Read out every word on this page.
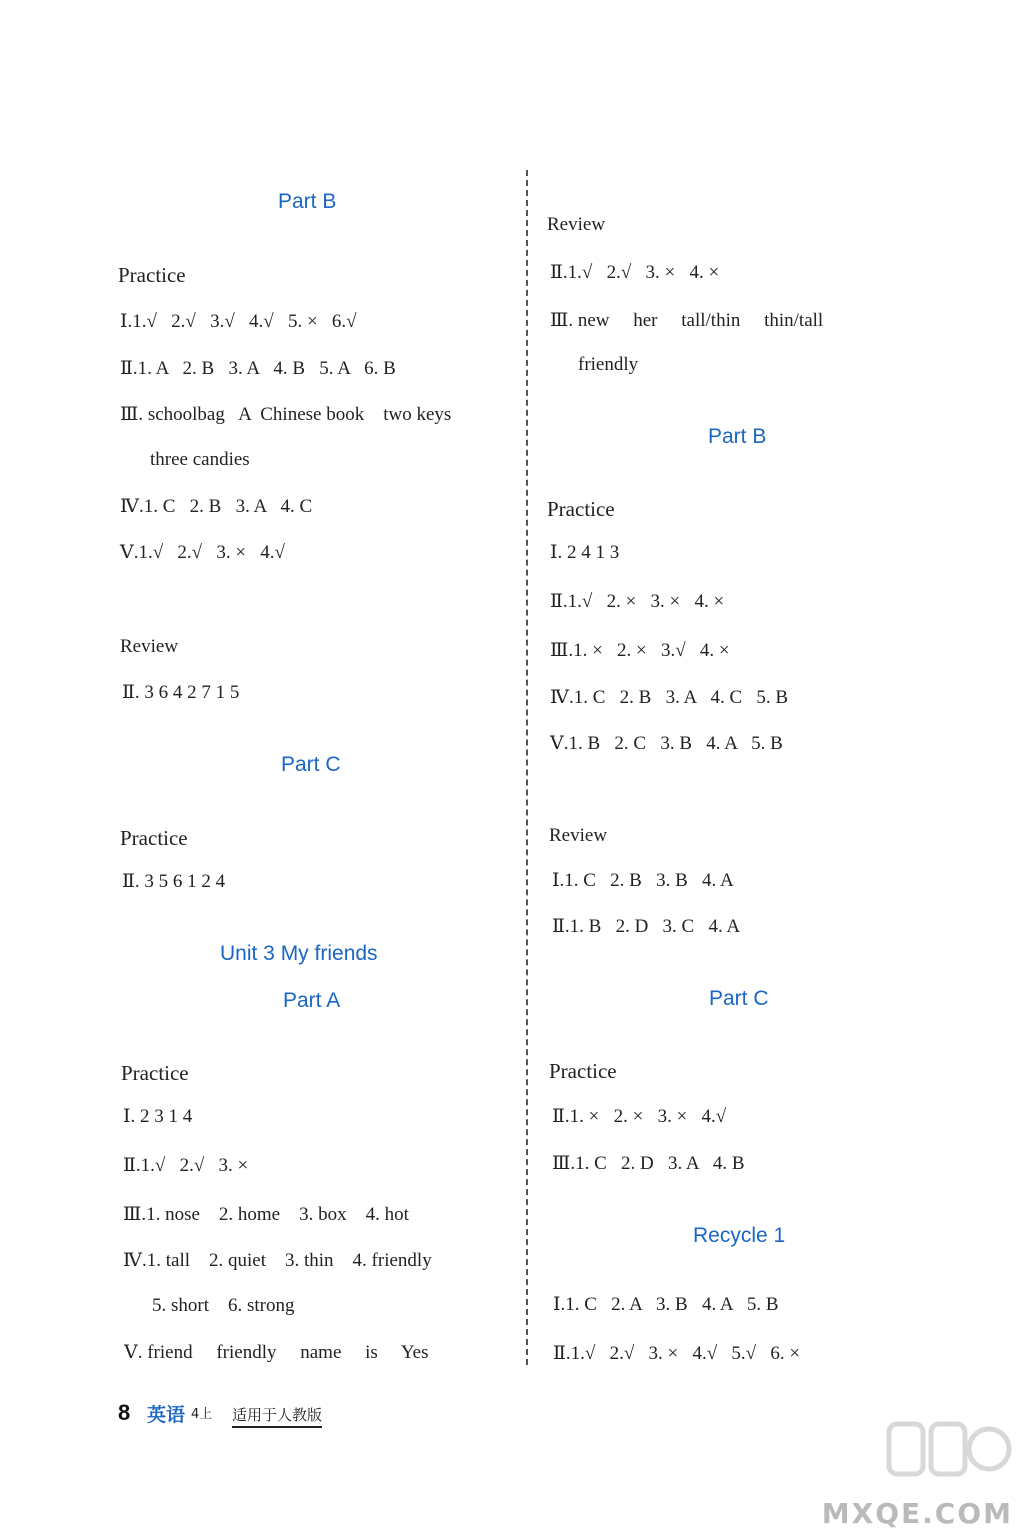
Part B
Practice
Ⅰ.1.√   2.√   3.√   4.√   5. ×   6.√
Ⅱ.1. A   2. B   3. A   4. B   5. A   6. B
Ⅲ. schoolbag   A  Chinese book    two keys
three candies
Ⅳ.1. C   2. B   3. A   4. C
Ⅴ.1.√   2.√   3. ×   4.√
Review
Ⅱ. 3 6 4 2 7 1 5
Part C
Practice
Ⅱ. 3 5 6 1 2 4
Unit 3 My friends
Part A
Practice
Ⅰ. 2 3 1 4
Ⅱ.1.√   2.√   3. ×
Ⅲ.1. nose    2. home    3. box    4. hot
Ⅳ.1. tall    2. quiet    3. thin    4. friendly
5. short    6. strong
Ⅴ. friend     friendly     name     is     Yes
Review
Ⅱ.1.√   2.√   3. ×   4. ×
Ⅲ. new     her     tall/thin     thin/tall
friendly
Part B
Practice
Ⅰ. 2 4 1 3
Ⅱ.1.√   2. ×   3. ×   4. ×
Ⅲ.1. ×   2. ×   3.√   4. ×
Ⅳ.1. C   2. B   3. A   4. C   5. B
Ⅴ.1. B   2. C   3. B   4. A   5. B
Review
Ⅰ.1. C   2. B   3. B   4. A
Ⅱ.1. B   2. D   3. C   4. A
Part C
Practice
Ⅱ.1. ×   2. ×   3. ×   4.√
Ⅲ.1. C   2. D   3. A   4. B
Recycle 1
Ⅰ.1. C   2. A   3. B   4. A   5. B
Ⅱ.1.√   2.√   3. ×   4.√   5.√   6. ×
8 英语 4上 适用于人教版
MXQE.COM
